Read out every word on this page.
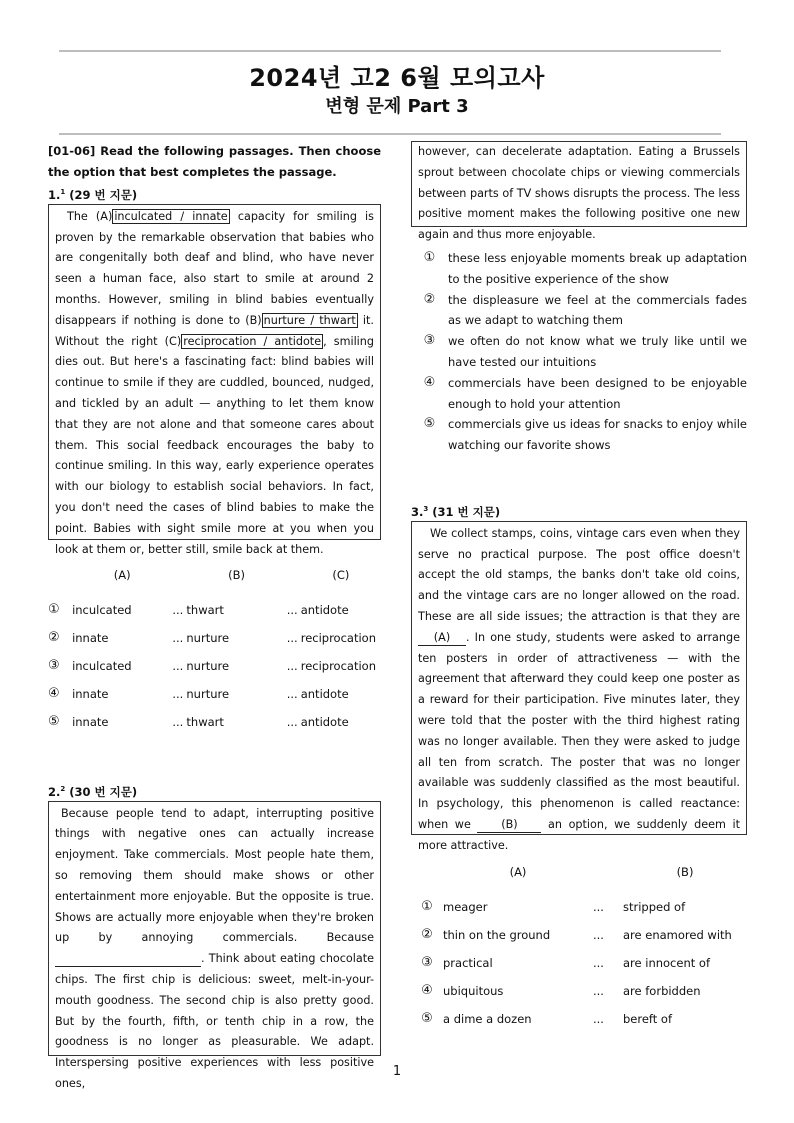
2024년 고2 6월 모의고사
변형 문제 Part 3

[01-06] Read the following passages. Then choose the option that best completes the passage.

1.$^1$ (29 번 지문)

The (A) inculcated / innate capacity for smiling is proven by the remarkable observation that babies who are congenitally both deaf and blind, who have never seen a human face, also start to smile at around 2 months. However, smiling in blind babies eventually disappears if nothing is done to (B) nurture / thwart it. Without the right (C) reciprocation / antidote , smiling dies out. But here's a fascinating fact: blind babies will continue to smile if they are cuddled, bounced, nudged, and tickled by an adult — anything to let them know that they are not alone and that someone cares about them. This social feedback encourages the baby to continue smiling. In this way, early experience operates with our biology to establish social behaviors. In fact, you don't need the cases of blind babies to make the point. Babies with sight smile more at you when you look at them or, better still, smile back at them.

	(A)		(B)		(C)
①	inculcated	...	thwart	...	antidote
②	innate	...	nurture	...	reciprocation
③	inculcated	...	nurture	...	reciprocation
④	innate	...	nurture	...	antidote
⑤	innate	...	thwart	...	antidote

2.$^2$ (30 번 지문)

Because people tend to adapt, interrupting positive things with negative ones can actually increase enjoyment. Take commercials. Most people hate them, so removing them should make shows or other entertainment more enjoyable. But the opposite is true. Shows are actually more enjoyable when they're broken up by annoying commercials. Because  . Think about eating chocolate chips. The first chip is delicious: sweet, melt-in-your-mouth goodness. The second chip is also pretty good. But by the fourth, fifth, or tenth chip in a row, the goodness is no longer as pleasurable. We adapt. Interspersing positive experiences with less positive ones,

however, can decelerate adaptation. Eating a Brussels sprout between chocolate chips or viewing commercials between parts of TV shows disrupts the process. The less positive moment makes the following positive one new again and thus more enjoyable.

①	these less enjoyable moments break up adaptation to the positive experience of the show
②	the displeasure we feel at the commercials fades as we adapt to watching them
③	we often do not know what we truly like until we have tested our intuitions
④	commercials have been designed to be enjoyable enough to hold your attention
⑤	commercials give us ideas for snacks to enjoy while watching our favorite shows

3.$^3$ (31 번 지문)

We collect stamps, coins, vintage cars even when they serve no practical purpose. The post office doesn't accept the old stamps, the banks don't take old coins, and the vintage cars are no longer allowed on the road. These are all side issues; the attraction is that they are (A) . In one study, students were asked to arrange ten posters in order of attractiveness — with the agreement that afterward they could keep one poster as a reward for their participation. Five minutes later, they were told that the poster with the third highest rating was no longer available. Then they were asked to judge all ten from scratch. The poster that was no longer available was suddenly classified as the most beautiful. In psychology, this phenomenon is called reactance: when we (B) an option, we suddenly deem it more attractive.

	(A)		(B)
①	meager	...	stripped of
②	thin on the ground	...	are enamored with
③	practical	...	are innocent of
④	ubiquitous	...	are forbidden
⑤	a dime a dozen	...	bereft of
1
